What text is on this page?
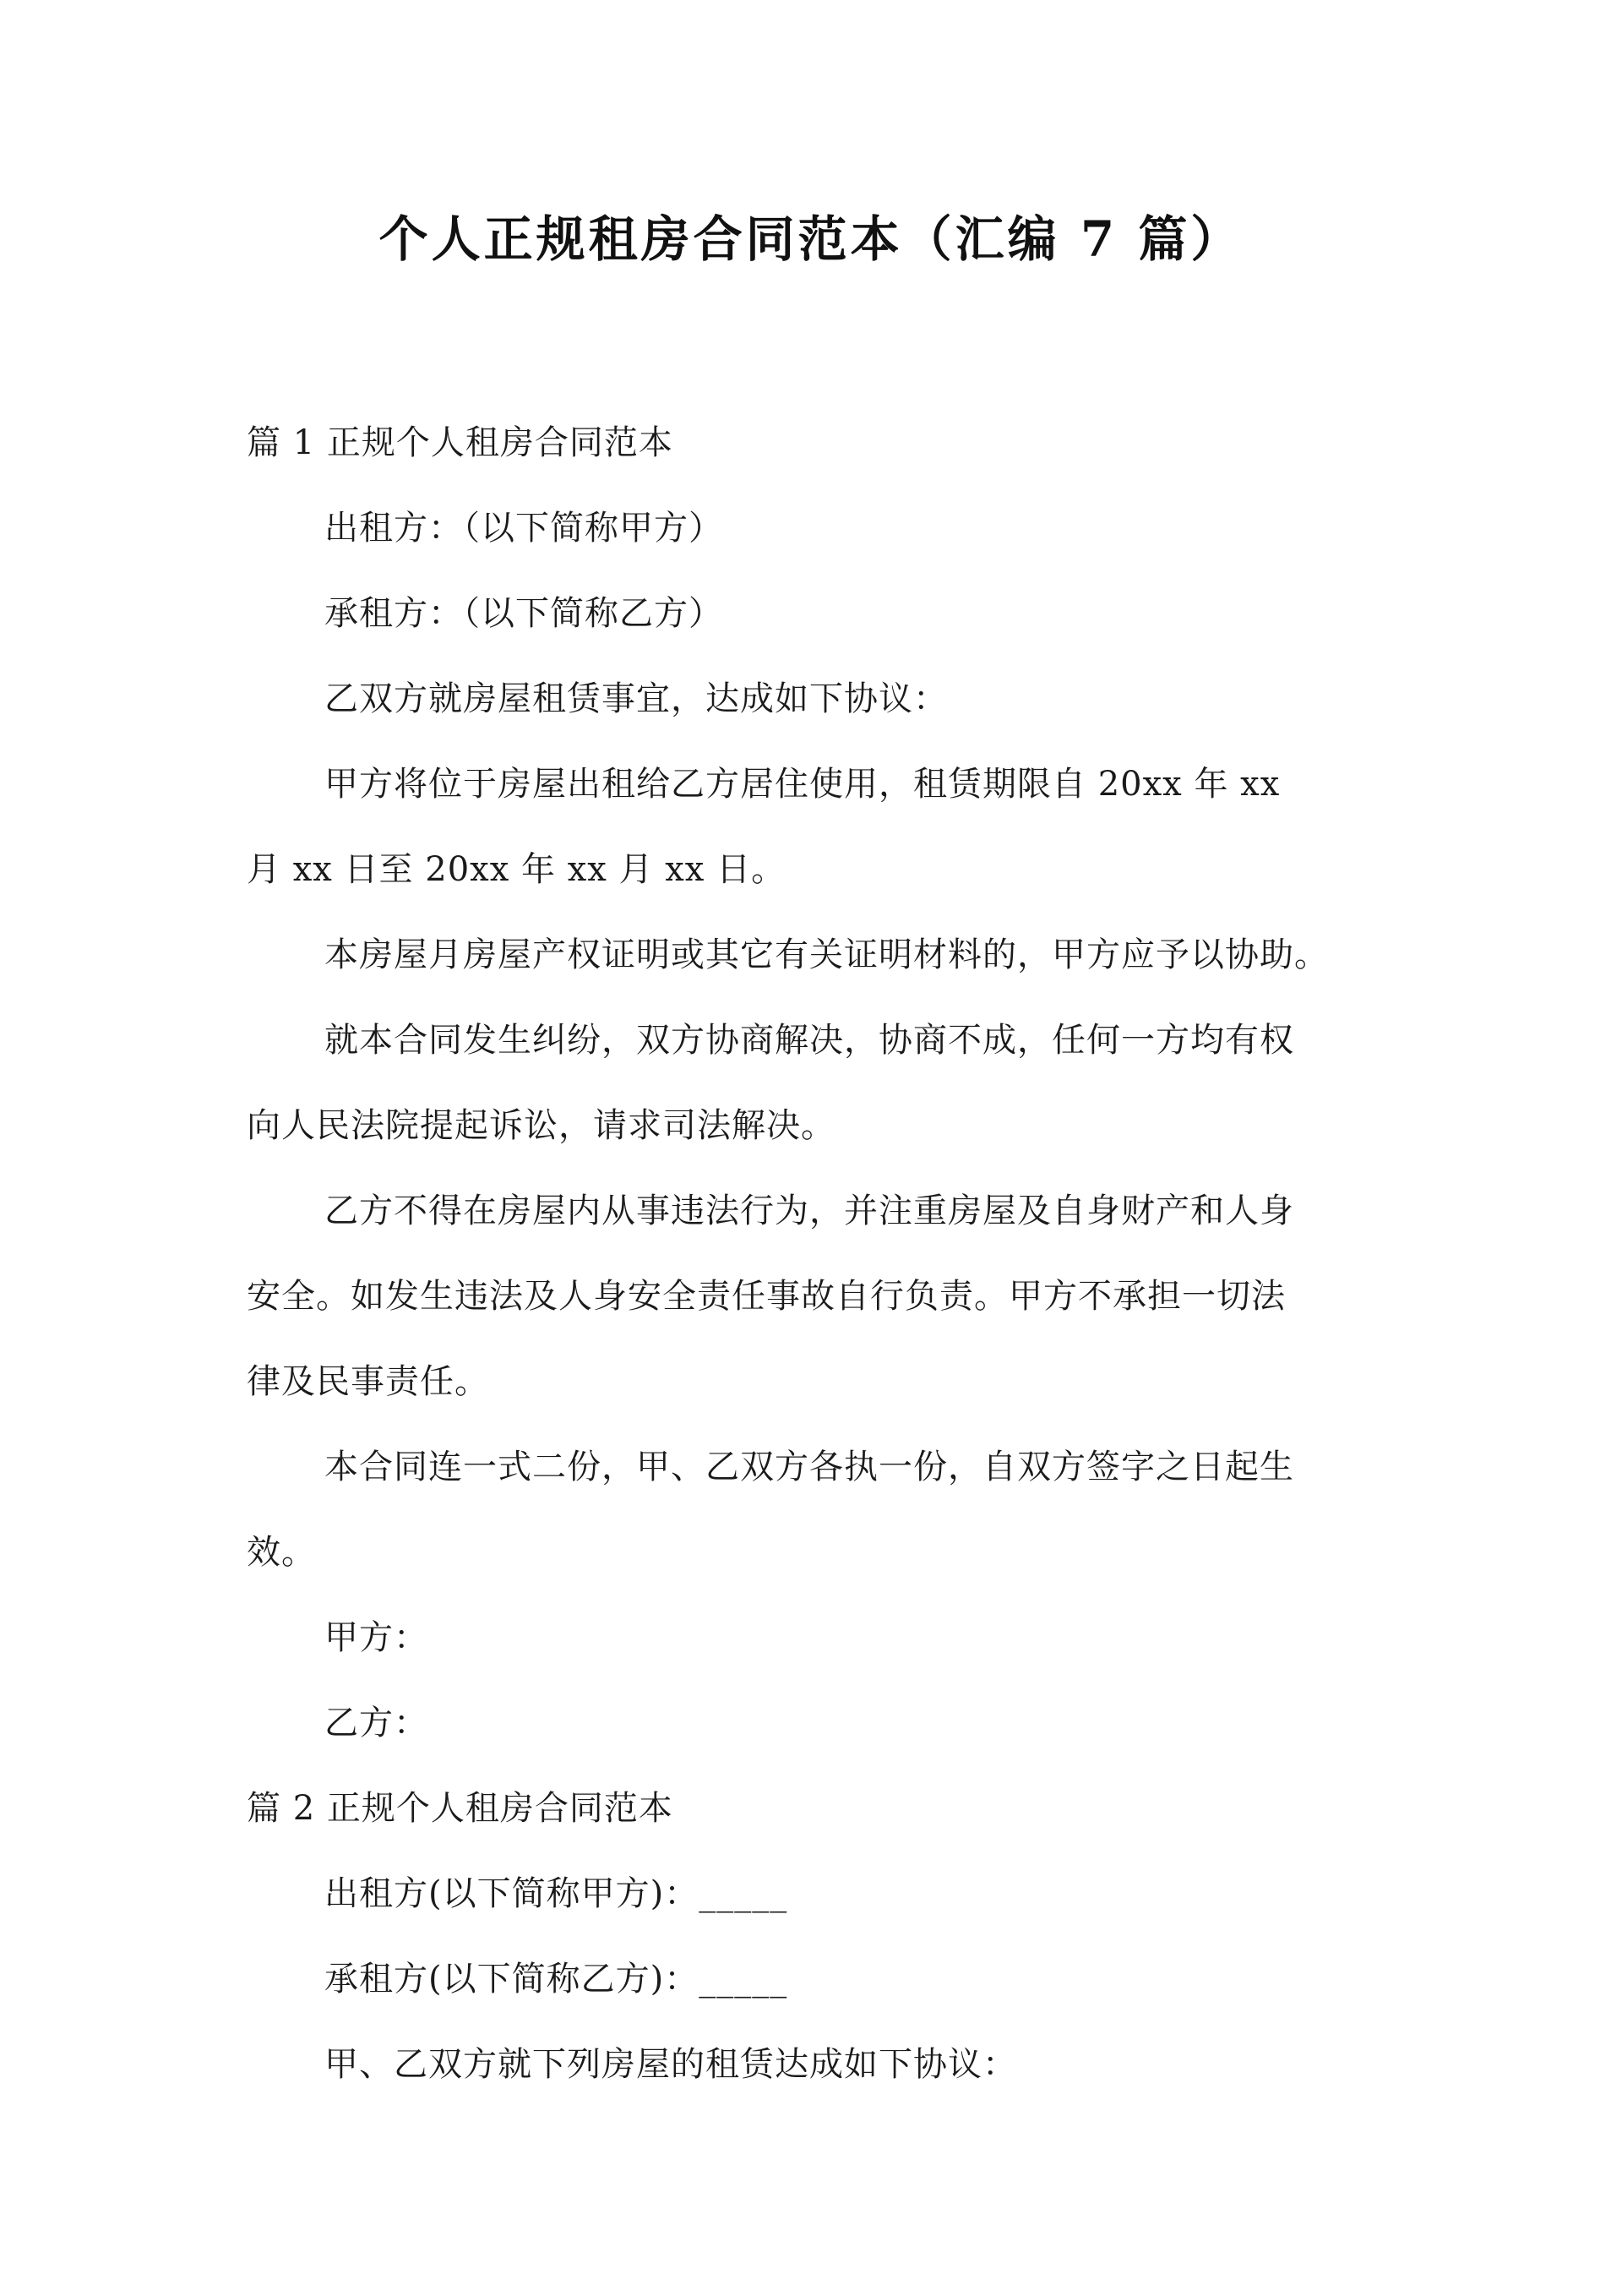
个人正规租房合同范本（汇编 7 篇）
篇 1 正规个人租房合同范本
出租方：（以下简称甲方）
承租方：（以下简称乙方）
乙双方就房屋租赁事宜，达成如下协议：
甲方将位于房屋出租给乙方居住使用，租赁期限自 20xx 年 xx
月 xx 日至 20xx 年 xx 月 xx 日。
本房屋月房屋产权证明或其它有关证明材料的，甲方应予以协助。
就本合同发生纠纷，双方协商解决，协商不成，任何一方均有权
向人民法院提起诉讼，请求司法解决。
乙方不得在房屋内从事违法行为，并注重房屋及自身财产和人身
安全。如发生违法及人身安全责任事故自行负责。甲方不承担一切法
律及民事责任。
本合同连一式二份，甲、乙双方各执一份，自双方签字之日起生
效。
甲方：
乙方：
篇 2 正规个人租房合同范本
出租方(以下简称甲方)：_____
承租方(以下简称乙方)：_____
甲、乙双方就下列房屋的租赁达成如下协议：
